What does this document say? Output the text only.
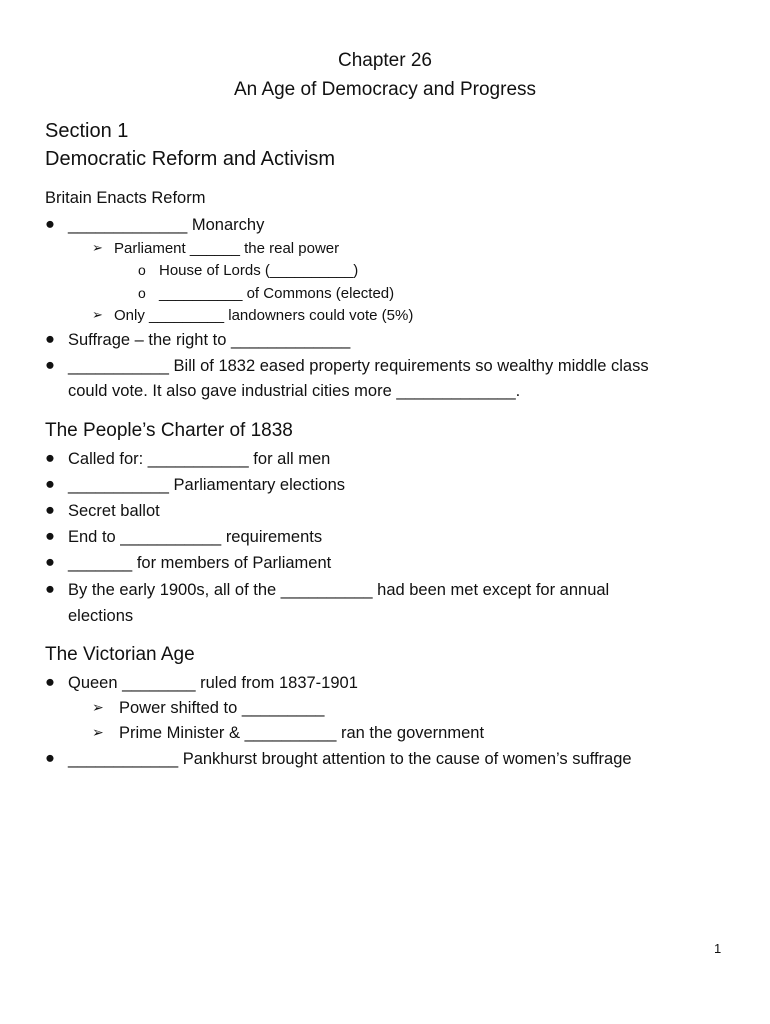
Chapter 26
An Age of Democracy and Progress
Section 1
Democratic Reform and Activism
Britain Enacts Reform
● _____________ Monarchy
➢ Parliament ______ the real power
o House of Lords (__________)
o __________ of Commons (elected)
➢ Only _________ landowners could vote (5%)
● Suffrage – the right to _____________
● ___________ Bill of 1832 eased property requirements so wealthy middle class
could vote. It also gave industrial cities more _____________.
The People’s Charter of 1838
● Called for: ___________ for all men
● ___________ Parliamentary elections
● Secret ballot
● End to ___________ requirements
● _______ for members of Parliament
● By the early 1900s, all of the __________ had been met except for annual
elections
The Victorian Age
● Queen ________ ruled from 1837-1901
➢ Power shifted to _________
➢ Prime Minister & __________ ran the government
● ____________ Pankhurst brought attention to the cause of women’s suffrage
1
